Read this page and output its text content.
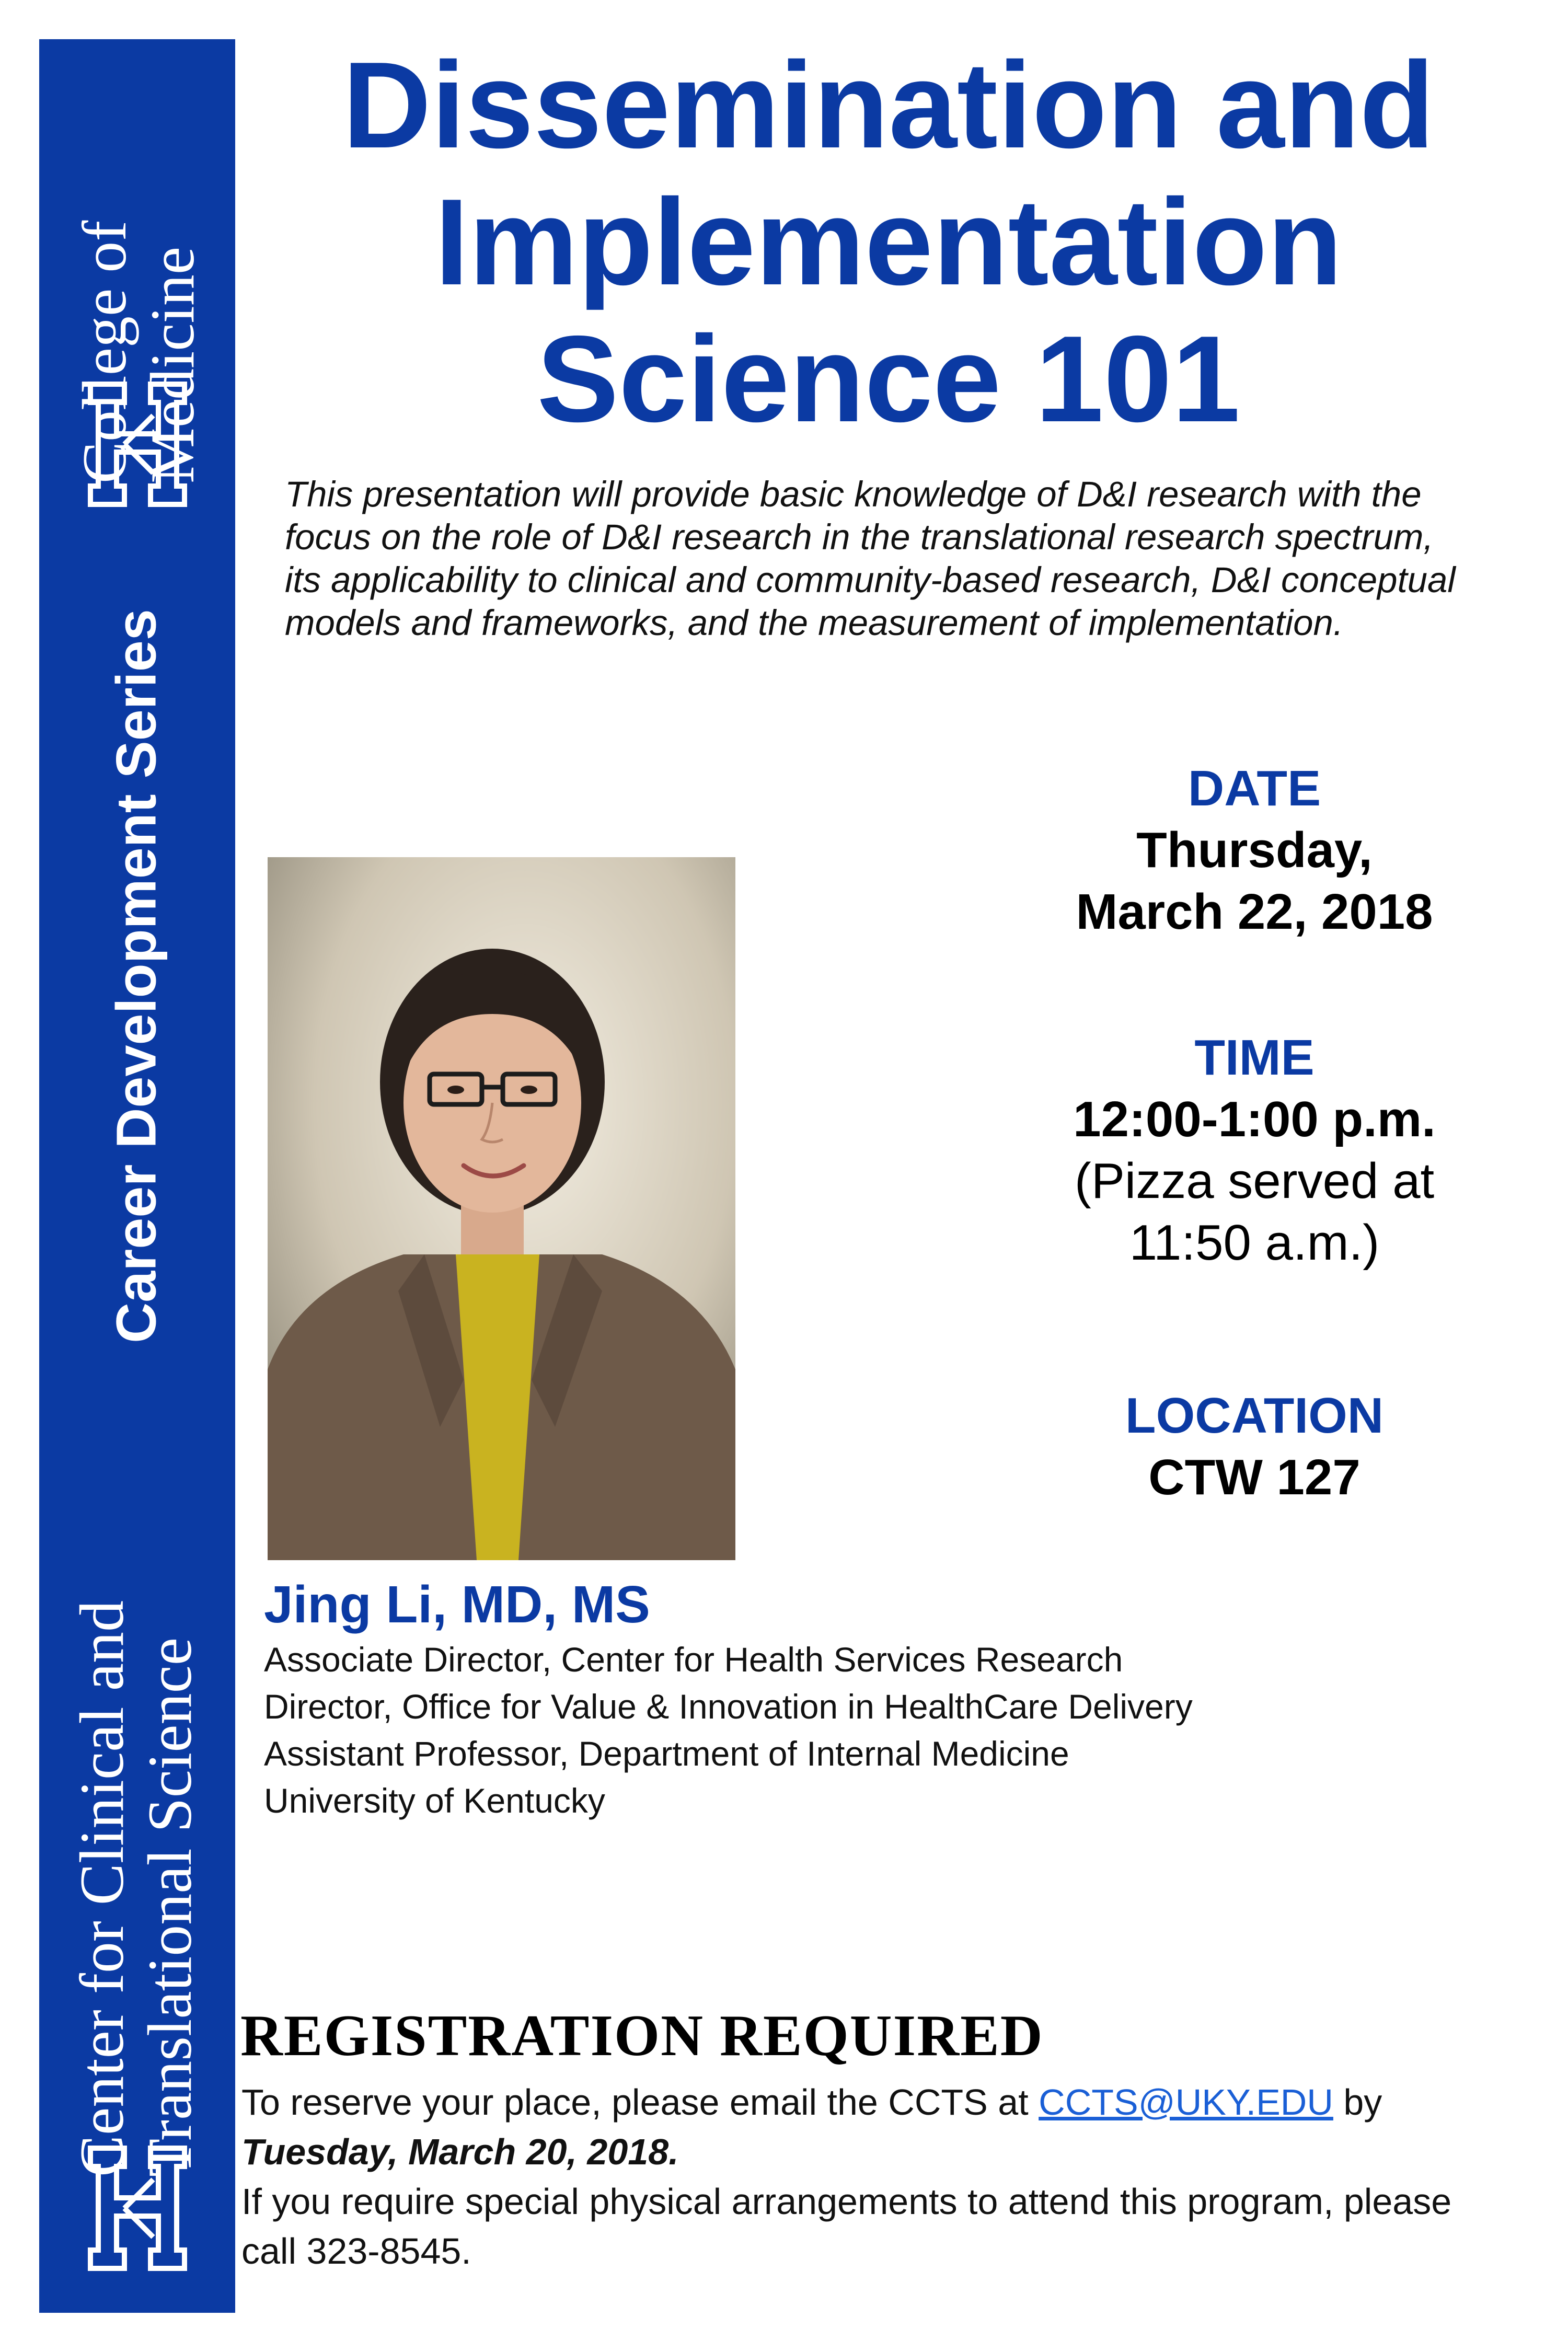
College of
Medicine
Career Development Series
Center for Clinical and
Translational Science
Dissemination and
Implementation
Science 101
This presentation will provide basic knowledge of D&I research with the
focus on the role of D&I research in the translational research spectrum,
its applicability to clinical and community-based research, D&I conceptual
models and frameworks, and the measurement of implementation.
DATE
Thursday,
March 22, 2018
TIME
12:00-1:00 p.m.
(Pizza served at
11:50 a.m.)
LOCATION
CTW 127
Jing Li, MD, MS
Associate Director, Center for Health Services Research
Director, Office for Value & Innovation in HealthCare Delivery
Assistant Professor, Department of Internal Medicine
University of Kentucky
REGISTRATION REQUIRED
To reserve your place, please email the CCTS at CCTS@UKY.EDU by
Tuesday, March 20, 2018.
If you require special physical arrangements to attend this program, please
call 323-8545.
